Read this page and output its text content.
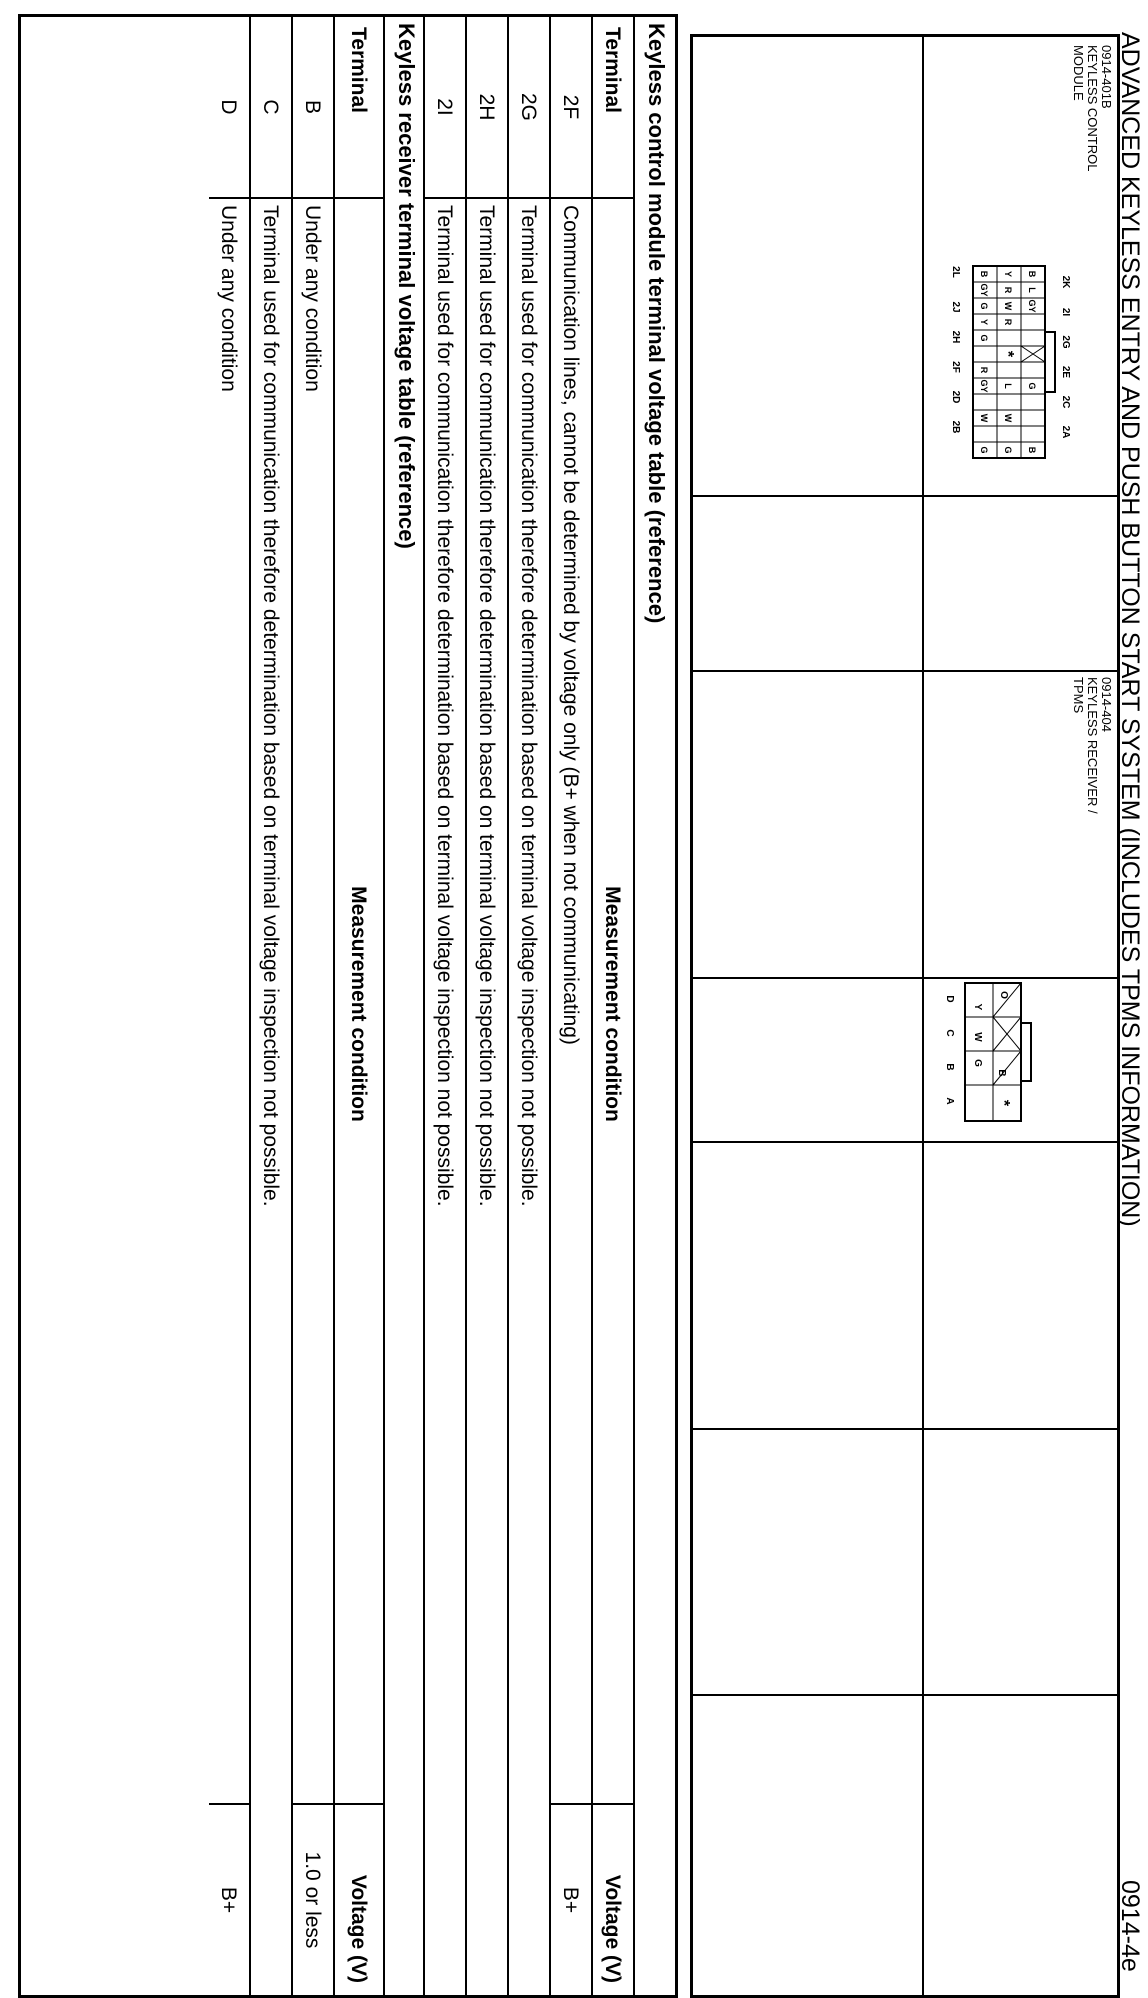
ADVANCED KEYLESS ENTRY AND PUSH BUTTON START SYSTEM (INCLUDES TPMS INFORMATION)
0914-4e
0914-401B
KEYLESS CONTROL
MODULE
2K
2I
2G
2E
2C
2A
2L
2J
2H
2F
2D
2B
B
L
GY
G
B
Y
R
W
R
L
W
G
B
GY
G
Y
G
R
GY
W
G
*
0914-404
KEYLESS RECEIVER /
TPMS
O
Y
W
G
B
*
D
C
B
A
Keyless control module terminal voltage table (reference)
Terminal
Measurement condition
Voltage (V)
2F
Communication lines, cannot be determined by voltage only (B+ when not communicating)
B+
2G
Terminal used for communication therefore determination based on terminal voltage inspection not possible.
2H
Terminal used for communication therefore determination based on terminal voltage inspection not possible.
2I
Terminal used for communication therefore determination based on terminal voltage inspection not possible.
Keyless receiver terminal voltage table (reference)
Terminal
Measurement condition
Voltage (V)
B
Under any condition
1.0 or less
C
Terminal used for communication therefore determination based on terminal voltage inspection not possible.
D
Under any condition
B+
